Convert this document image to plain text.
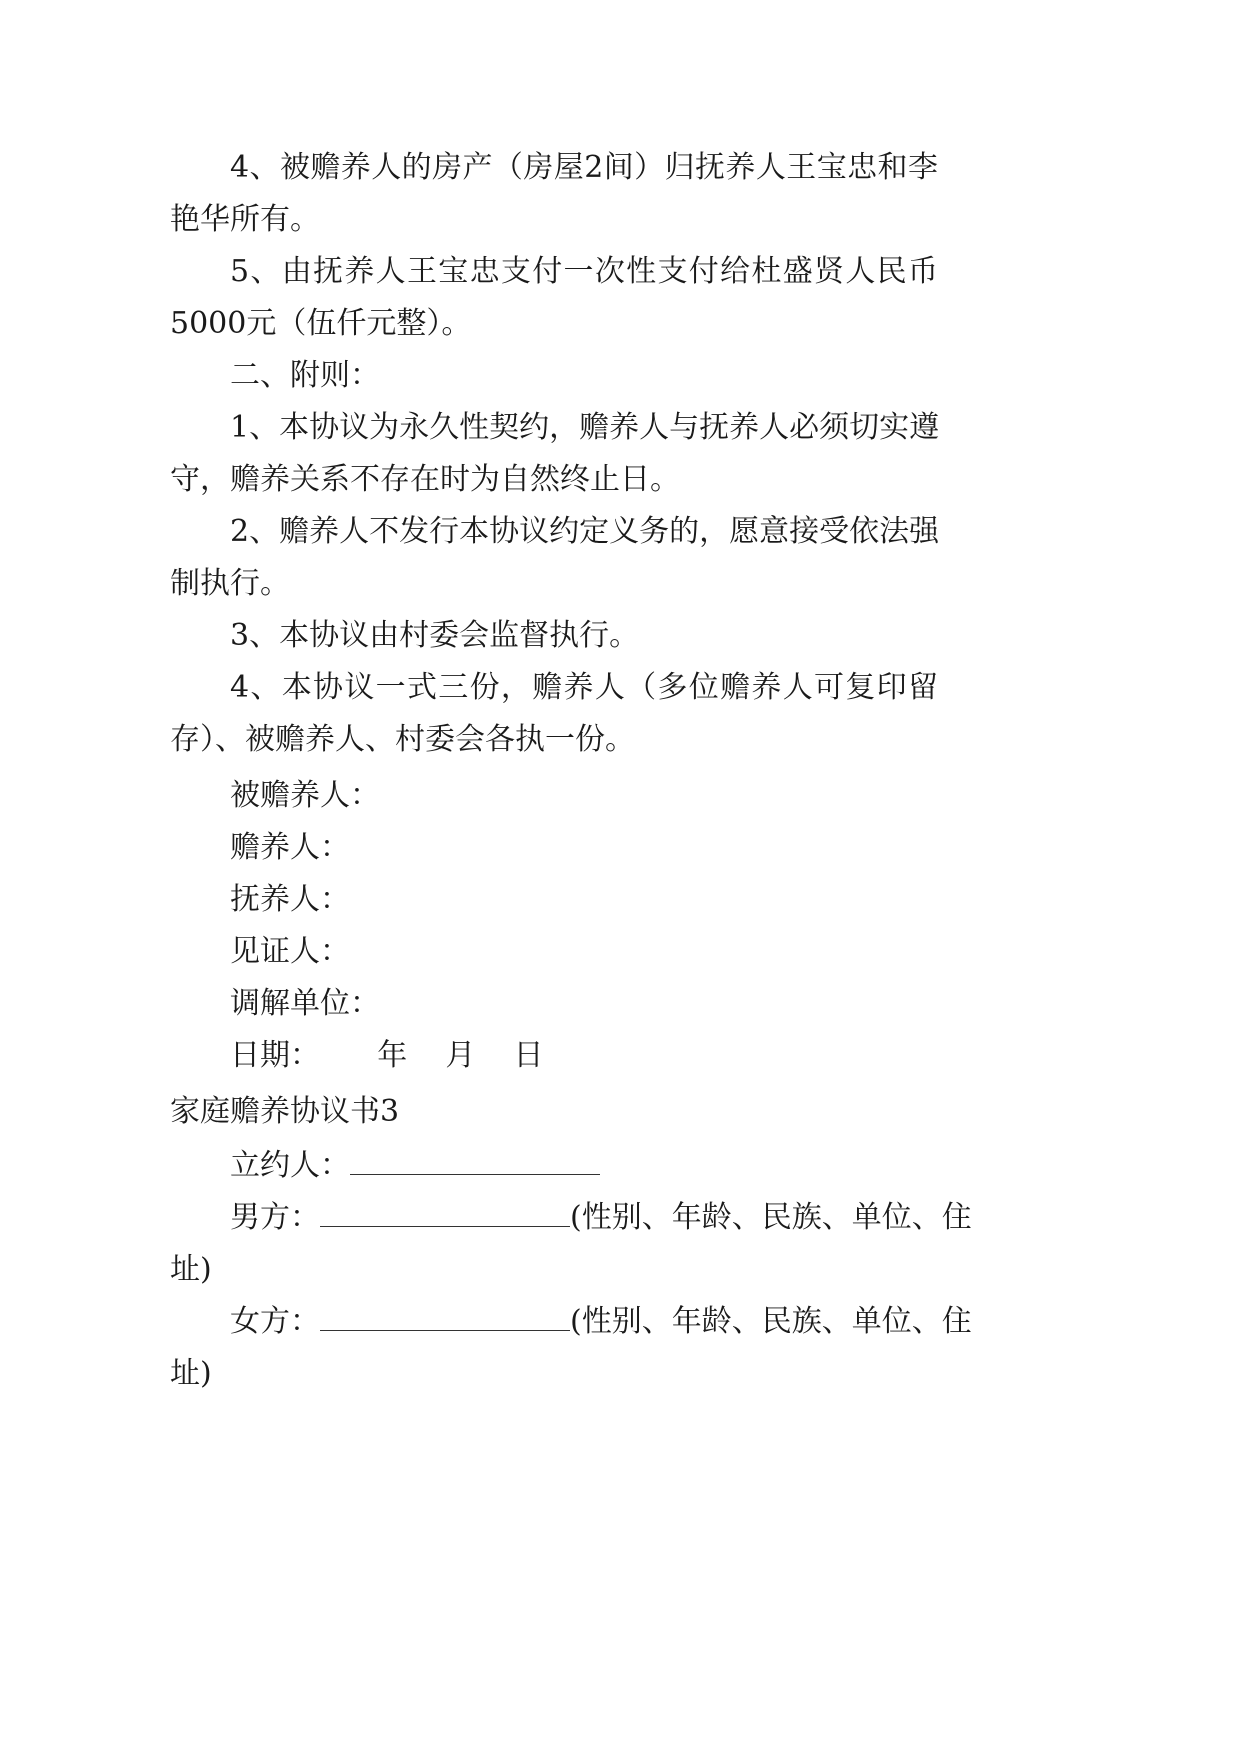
4、被赡养人的房产（房屋2间）归抚养人王宝忠和李
艳华所有。
5、由抚养人王宝忠支付一次性支付给杜盛贤人民币
5000元（伍仟元整）。
二、附则：
1、本协议为永久性契约，赡养人与抚养人必须切实遵
守，赡养关系不存在时为自然终止日。
2、赡养人不发行本协议约定义务的，愿意接受依法强
制执行。
3、本协议由村委会监督执行。
4、本协议一式三份，赡养人（多位赡养人可复印留
存）、被赡养人、村委会各执一份。
被赡养人：
赡养人：
抚养人：
见证人：
调解单位：
日期：      年    月    日
家庭赡养协议书3
立约人：
男方：	(性别、年龄、民族、单位、住
址)
女方：	(性别、年龄、民族、单位、住
址)
